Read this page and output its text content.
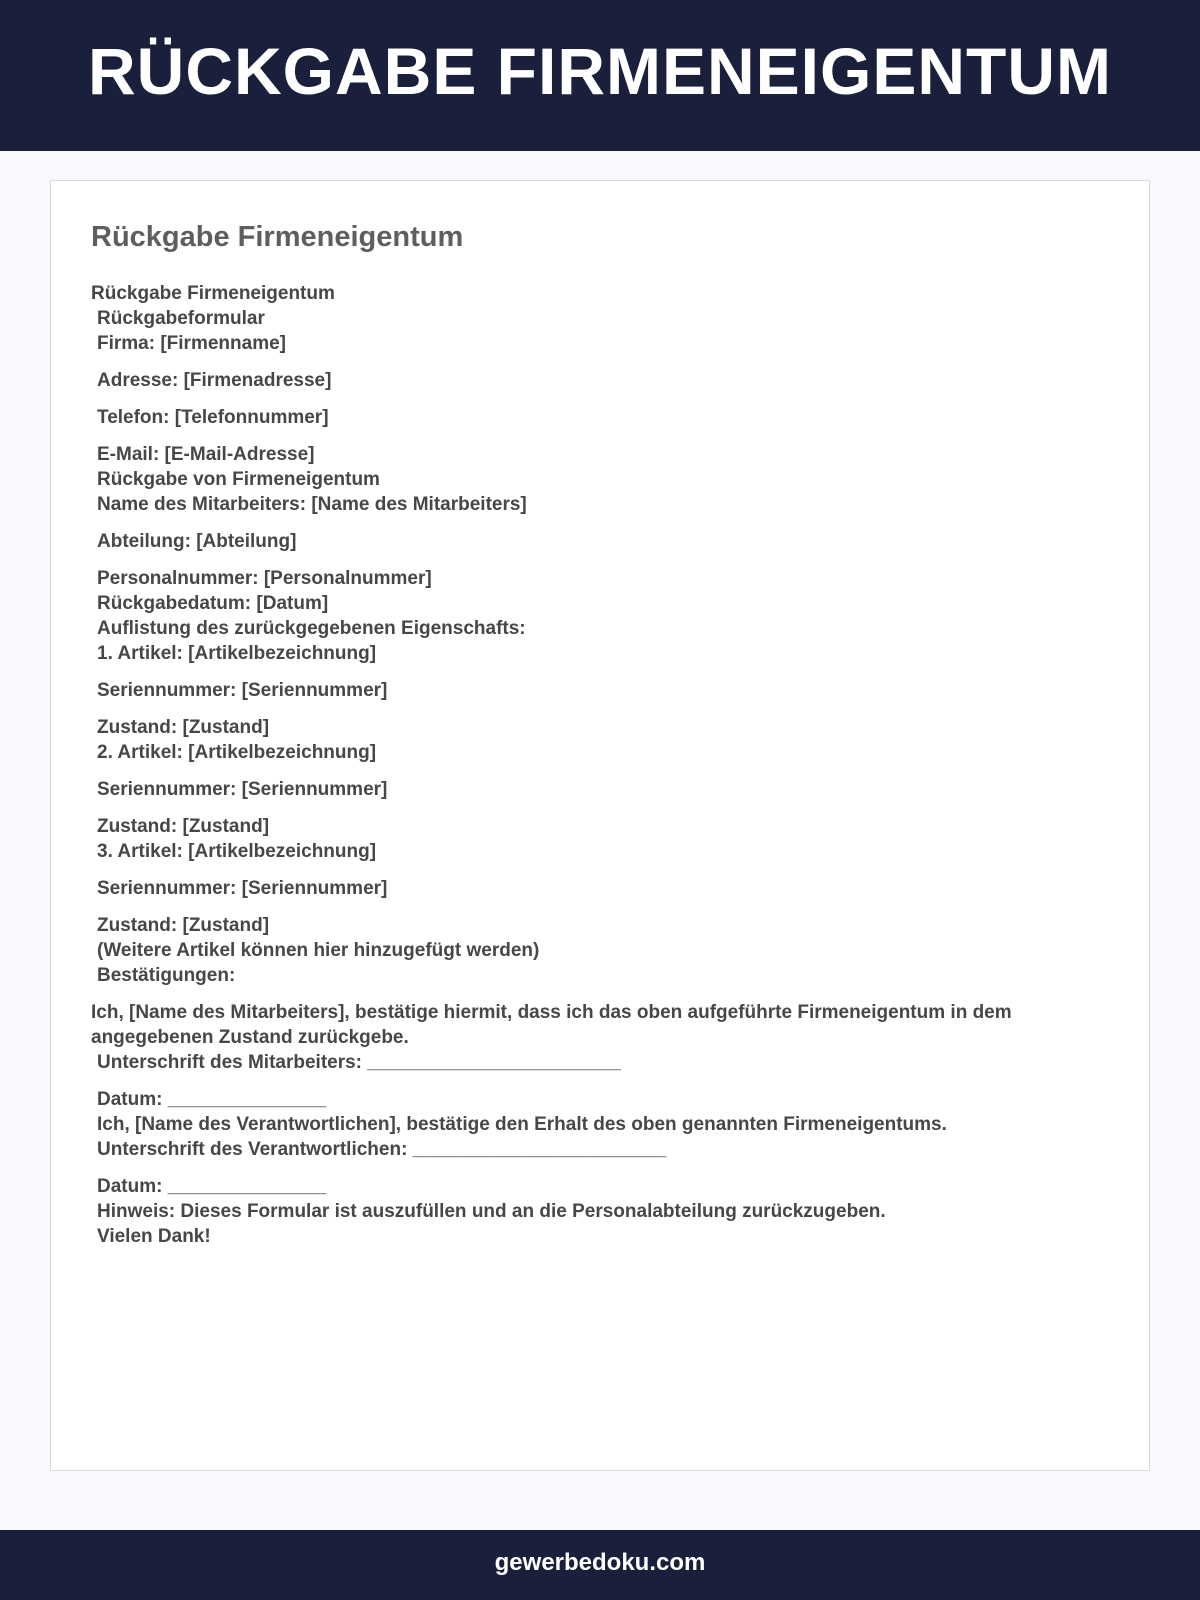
RÜCKGABE FIRMENEIGENTUM
Rückgabe Firmeneigentum
Rückgabe Firmeneigentum
Rückgabeformular
Firma: [Firmenname]
Adresse: [Firmenadresse]
Telefon: [Telefonnummer]
E-Mail: [E-Mail-Adresse]
Rückgabe von Firmeneigentum
Name des Mitarbeiters: [Name des Mitarbeiters]
Abteilung: [Abteilung]
Personalnummer: [Personalnummer]
Rückgabedatum: [Datum]
Auflistung des zurückgegebenen Eigenschafts:
1. Artikel: [Artikelbezeichnung]
Seriennummer: [Seriennummer]
Zustand: [Zustand]
2. Artikel: [Artikelbezeichnung]
Seriennummer: [Seriennummer]
Zustand: [Zustand]
3. Artikel: [Artikelbezeichnung]
Seriennummer: [Seriennummer]
Zustand: [Zustand]
(Weitere Artikel können hier hinzugefügt werden)
Bestätigungen:
Ich, [Name des Mitarbeiters], bestätige hiermit, dass ich das oben aufgeführte Firmeneigentum in dem angegebenen Zustand zurückgebe.
Unterschrift des Mitarbeiters: ________________________
Datum: _______________
Ich, [Name des Verantwortlichen], bestätige den Erhalt des oben genannten Firmeneigentums.
Unterschrift des Verantwortlichen: ________________________
Datum: _______________
Hinweis: Dieses Formular ist auszufüllen und an die Personalabteilung zurückzugeben.
Vielen Dank!
gewerbedoku.com
